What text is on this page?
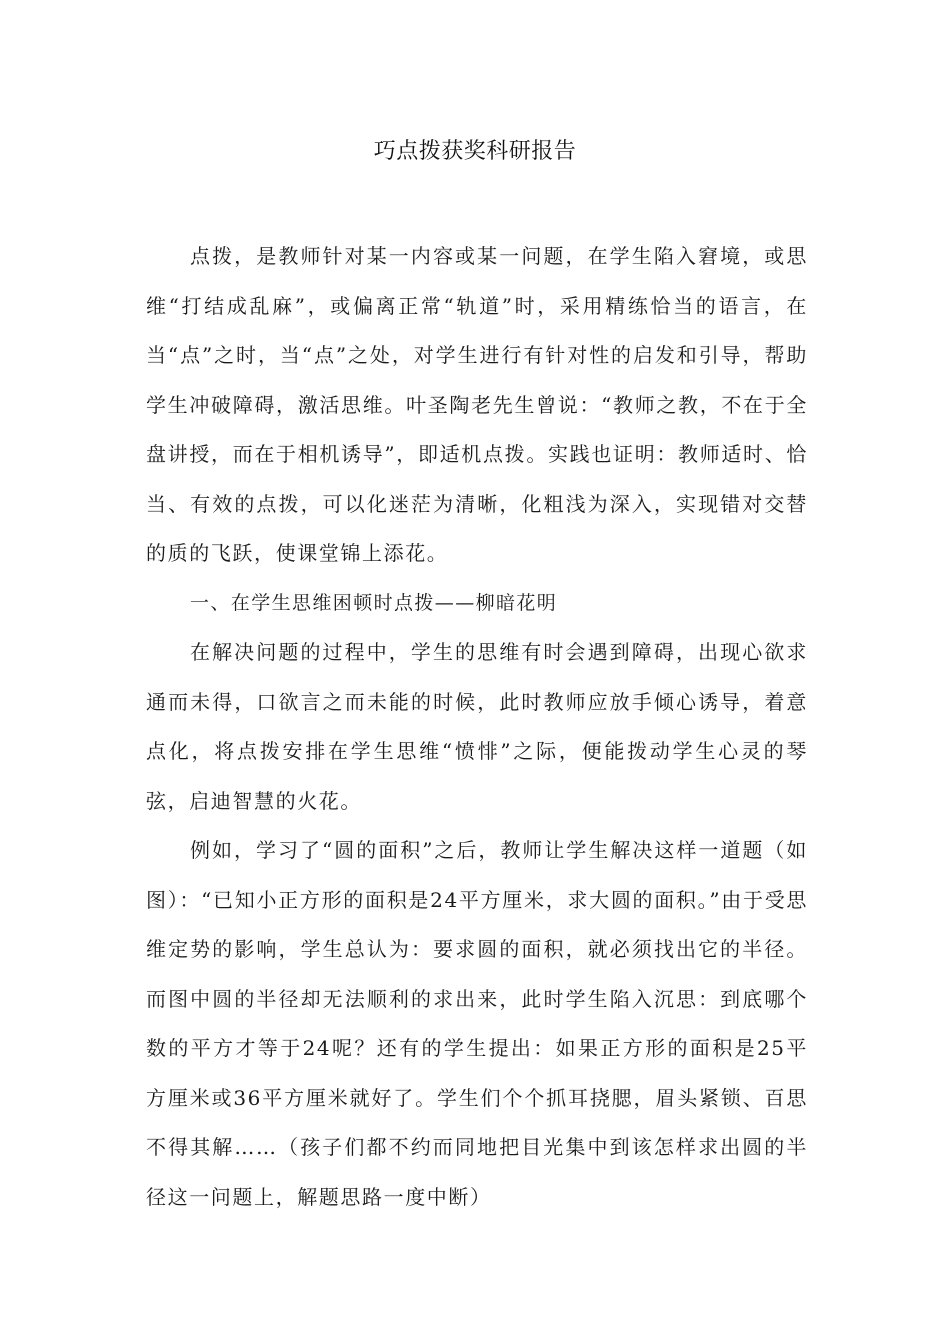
巧点拨获奖科研报告

点拨，是教师针对某一内容或某一问题，在学生陷入窘境，或思维“打结成乱麻”，或偏离正常“轨道”时，采用精练恰当的语言，在当“点”之时，当“点”之处，对学生进行有针对性的启发和引导，帮助学生冲破障碍，激活思维。叶圣陶老先生曾说：“教师之教，不在于全盘讲授，而在于相机诱导”，即适机点拨。实践也证明：教师适时、恰当、有效的点拨，可以化迷茫为清晰，化粗浅为深入，实现错对交替的质的飞跃，使课堂锦上添花。

一、在学生思维困顿时点拨——柳暗花明

在解决问题的过程中，学生的思维有时会遇到障碍，出现心欲求通而未得，口欲言之而未能的时候，此时教师应放手倾心诱导，着意点化，将点拨安排在学生思维“愤悱”之际，便能拨动学生心灵的琴弦，启迪智慧的火花。

例如，学习了“圆的面积”之后，教师让学生解决这样一道题（如图）：“已知小正方形的面积是24平方厘米，求大圆的面积。”由于受思维定势的影响，学生总认为：要求圆的面积，就必须找出它的半径。而图中圆的半径却无法顺利的求出来，此时学生陷入沉思：到底哪个数的平方才等于24呢？还有的学生提出：如果正方形的面积是25平方厘米或36平方厘米就好了。学生们个个抓耳挠腮，眉头紧锁、百思不得其解……（孩子们都不约而同地把目光集中到该怎样求出圆的半径这一问题上，解题思路一度中断）
